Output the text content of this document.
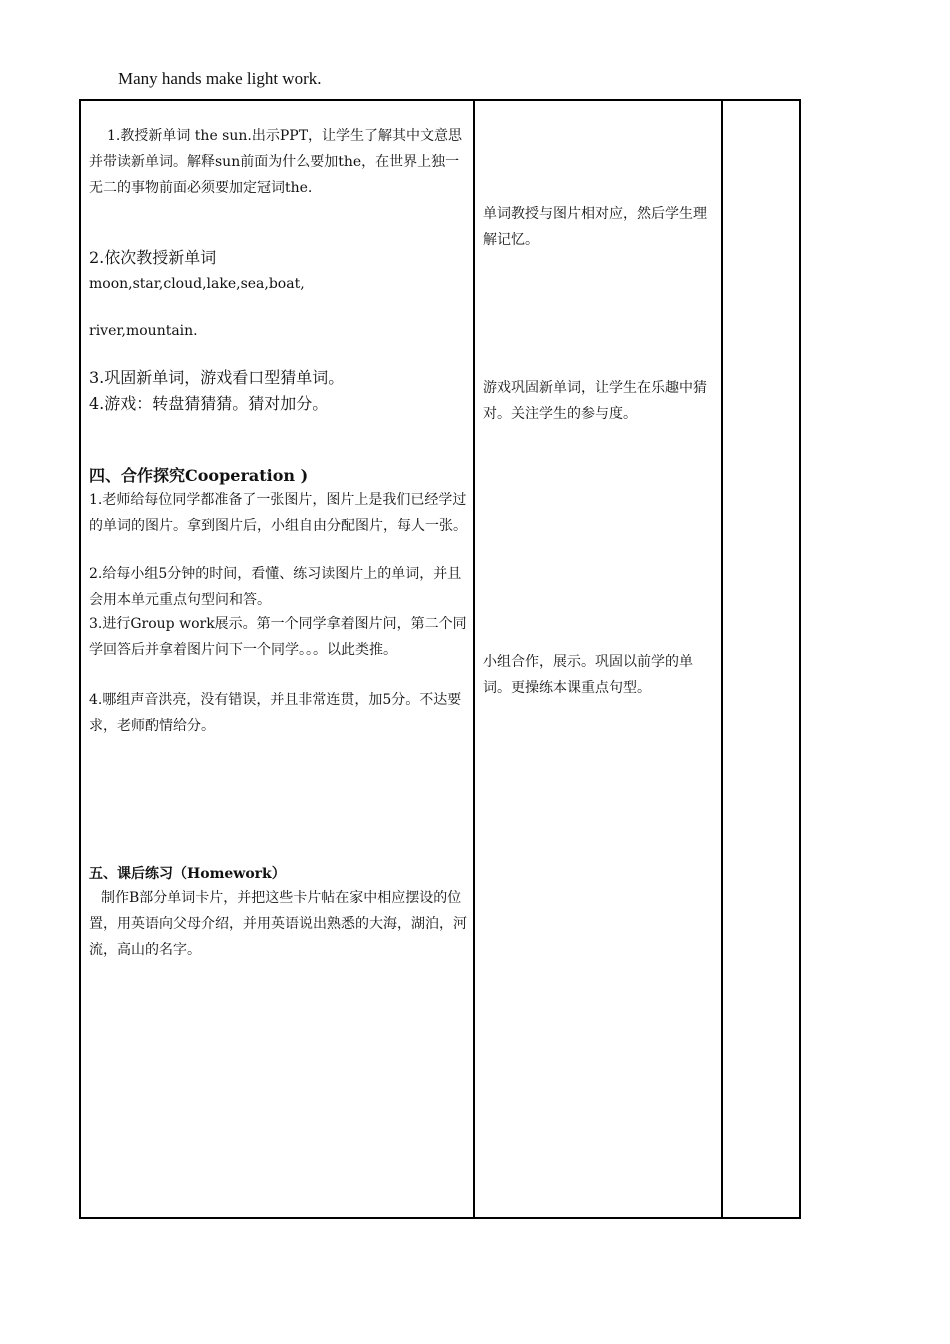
Many hands make light work.

1.教授新单词 the sun.出示PPT，让学生了解其中文意思并带读新单词。解释sun前面为什么要加the，在世界上独一无二的事物前面必须要加定冠词the.

2.依次教授新单词

moon,star,cloud,lake,sea,boat,

river,mountain.

3.巩固新单词，游戏看口型猜单词。

4.游戏：转盘猜猜猜。猜对加分。

四、合作探究Cooperation )

1.老师给每位同学都准备了一张图片，图片上是我们已经学过的单词的图片。拿到图片后，小组自由分配图片，每人一张。

2.给每小组5分钟的时间，看懂、练习读图片上的单词，并且会用本单元重点句型问和答。

3.进行Group work展示。第一个同学拿着图片问，第二个同学回答后并拿着图片问下一个同学。。。以此类推。

4.哪组声音洪亮，没有错误，并且非常连贯，加5分。不达要求，老师酌情给分。

五、课后练习（Homework）

制作B部分单词卡片，并把这些卡片帖在家中相应摆设的位置，用英语向父母介绍，并用英语说出熟悉的大海，湖泊，河流，高山的名字。

单词教授与图片相对应，然后学生理解记忆。

游戏巩固新单词，让学生在乐趣中猜对。关注学生的参与度。

小组合作，展示。巩固以前学的单词。更操练本课重点句型。
